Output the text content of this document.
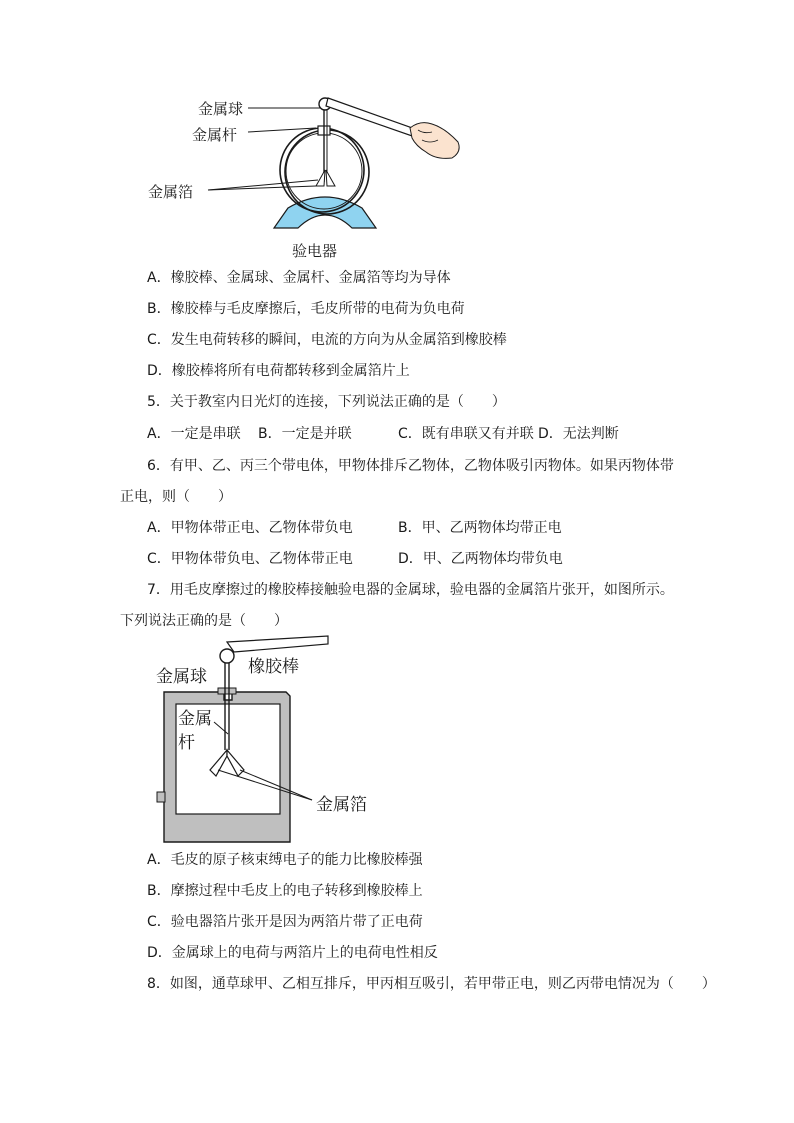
金属球
金属杆
金属箔
验电器
A．橡胶棒、金属球、金属杆、金属箔等均为导体
B．橡胶棒与毛皮摩擦后，毛皮所带的电荷为负电荷
C．发生电荷转移的瞬间，电流的方向为从金属箔到橡胶棒
D．橡胶棒将所有电荷都转移到金属箔片上
5．关于教室内日光灯的连接，下列说法正确的是（　　）
A．一定是串联 B．一定是并联	C．既有串联又有并联 D．无法判断
6．有甲、乙、丙三个带电体，甲物体排斥乙物体，乙物体吸引丙物体。如果丙物体带
正电，则（　　）
A．甲物体带正电、乙物体带负电	B．甲、乙两物体均带正电
C．甲物体带负电、乙物体带正电	D．甲、乙两物体均带负电
7．用毛皮摩擦过的橡胶棒接触验电器的金属球，验电器的金属箔片张开，如图所示。
下列说法正确的是（　　）
金属球 橡胶棒
金属
杆
金属箔
A．毛皮的原子核束缚电子的能力比橡胶棒强
B．摩擦过程中毛皮上的电子转移到橡胶棒上
C．验电器箔片张开是因为两箔片带了正电荷
D．金属球上的电荷与两箔片上的电荷电性相反
8．如图，通草球甲、乙相互排斥，甲丙相互吸引，若甲带正电，则乙丙带电情况为（　　）
